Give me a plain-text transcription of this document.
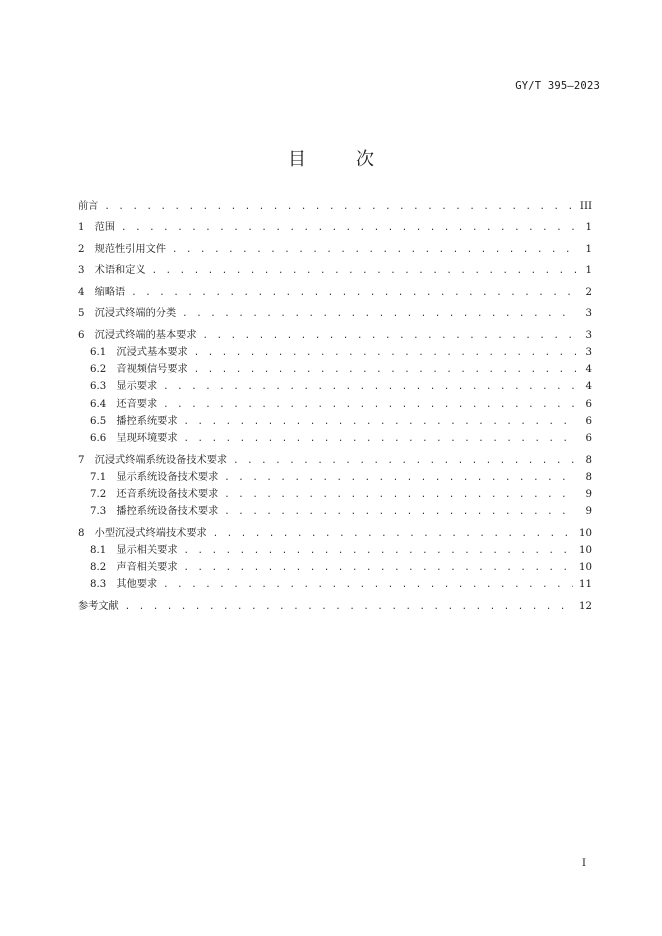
GY/T 395—2023
目　次
前言 . . .	III
1　 范围 . . .	1
2　 规范性引用文件 . . .	1
3　 术语和定义 . . .	1
4　 缩略语 . . .	2
5　 沉浸式终端的分类 . . .	3
6　 沉浸式终端的基本要求 . . .	3
6.1　 沉浸式基本要求 . . .	3
6.2　 音视频信号要求 . . .	4
6.3　 显示要求 . . .	4
6.4　 还音要求 . . .	6
6.5　 播控系统要求 . . .	6
6.6　 呈现环境要求 . . .	6
7　 沉浸式终端系统设备技术要求 . . .	8
7.1　 显示系统设备技术要求 . . .	8
7.2　 还音系统设备技术要求 . . .	9
7.3　 播控系统设备技术要求 . . .	9
8　 小型沉浸式终端技术要求 . . .	10
8.1　 显示相关要求 . . .	10
8.2　 声音相关要求 . . .	10
8.3　 其他要求 . . .	11
参考文献 . . .	12
I
